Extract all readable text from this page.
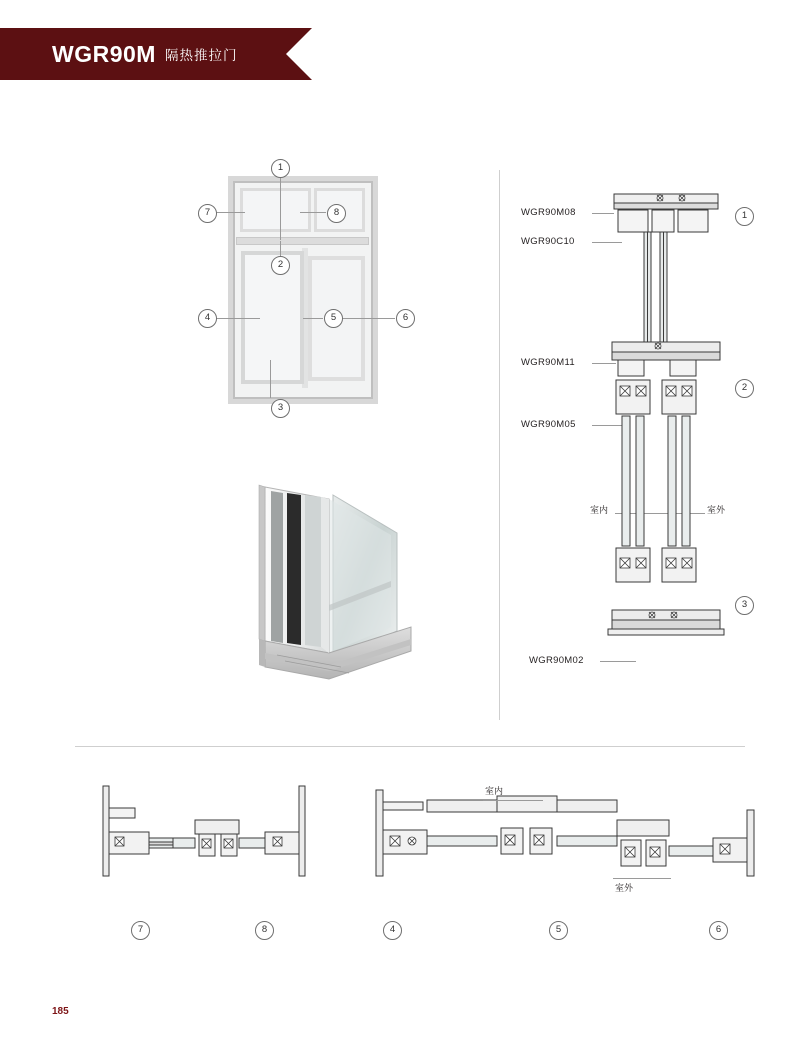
WGR90M 隔热推拉门
1
7	8
2
4	5	6
3
WGR90M08
WGR90C10
WGR90M11
WGR90M05
WGR90M02
室内	室外
1
2
3
室内
室外
7	8	4	5	6
185
